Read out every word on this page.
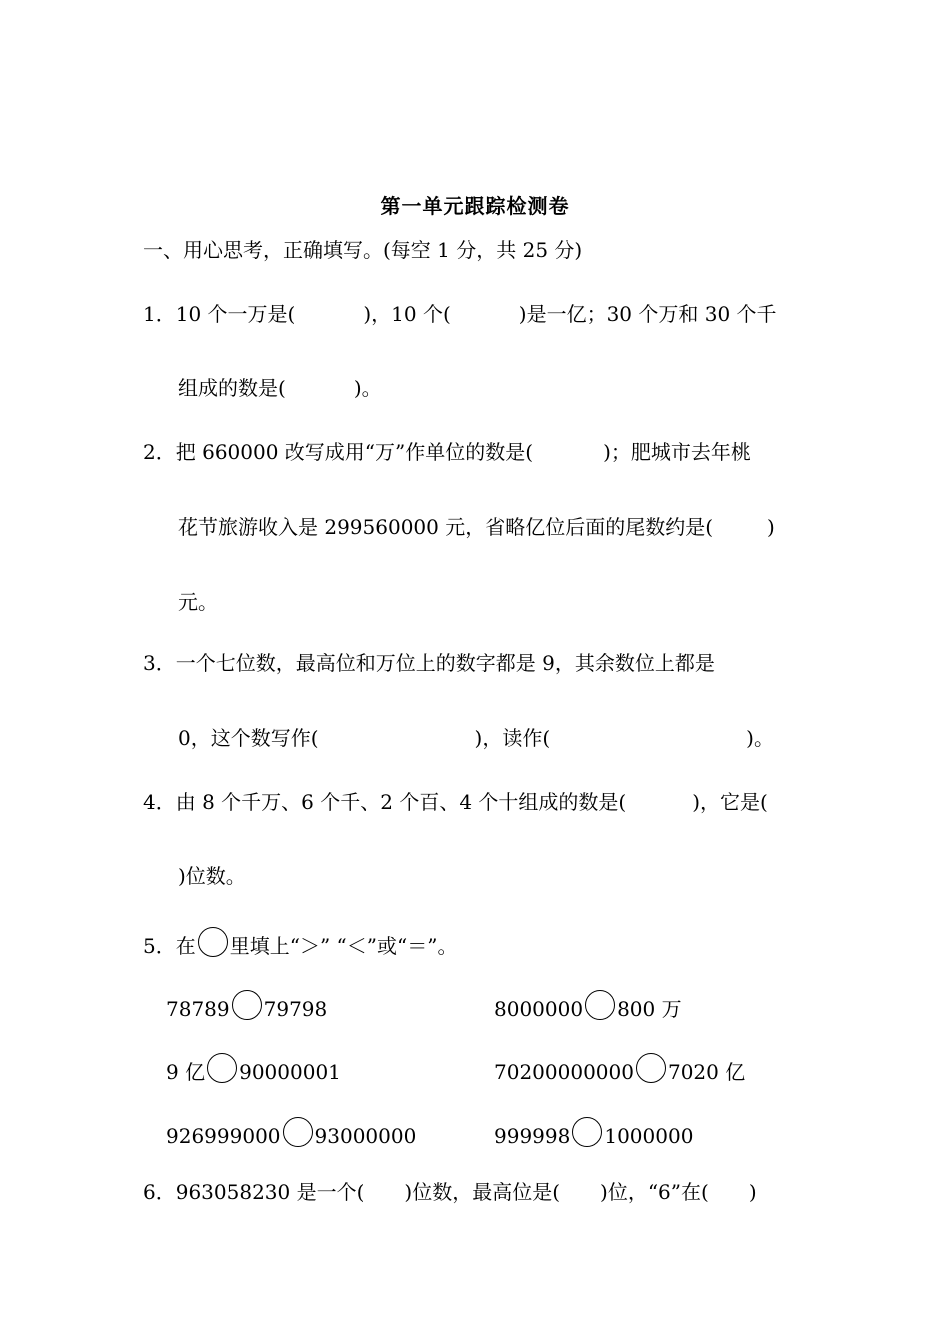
第一单元跟踪检测卷
一、用心思考，正确填写。(每空 1 分，共 25 分)
1．10 个一万是(	)，10 个(	)是一亿；30 个万和 30 个千
组成的数是(	)。
2．把 660000 改写成用“万”作单位的数是(	)；肥城市去年桃
花节旅游收入是 299560000 元，省略亿位后面的尾数约是(	)
元。
3．一个七位数，最高位和万位上的数字都是 9，其余数位上都是
0，这个数写作(	)，读作(	)。
4．由 8 个千万、6 个千、2 个百、4 个十组成的数是(	)，它是(
)位数。
5．在 里填上“＞” “＜”或“＝”。
78789 79798	8000000 800 万
9 亿 90000001	70200000000 7020 亿
926999000 93000000	999998 1000000
6．963058230 是一个( )位数，最高位是( )位，“6”在( )
